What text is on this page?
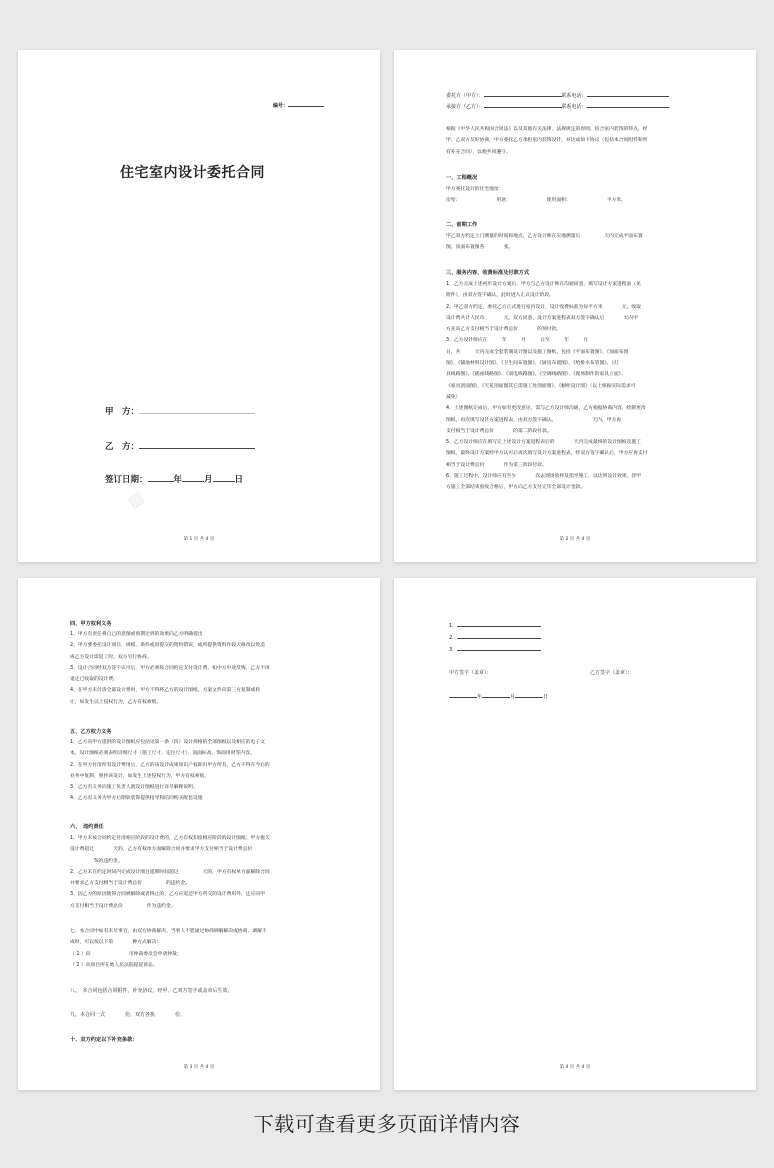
编号：
住宅室内设计委托合同
甲　方：
乙　方：
签订日期：	年	月	日
▨
第 1 页 共 4 页
委托方（甲方）：	联系电话：
承接方（乙方）：	联系电话：
根据《中华人民共和国合同法》以及其他有关法律、法规规定的原则，结合室内装饰的特点，经
甲、乙双方友好协商，甲方委托乙方承担室内装饰设计，并达成如下协议（包括本合同附件和所
有补充合同），以便共同遵守。
一、工程概况
甲方委托设计的住宅地址：
房型：　　　　　　　　用途：　　　　　　　　使用面积：　　　　　　　　平方米。
二、前期工作
甲乙双方约定上门测量的时间和地点，乙方设计师在实地测量后　　　　　天内完成平面布置
图，顶面布置图各　　　　张。
三、服务内容、收费标准及付款方式
1、乙方完成上述初步设计方案后，甲方与乙方设计师在沟通同意，填写设计方案进程表（见
附件），由双方签字确认，此时进入正式设计阶段。
2、甲乙双方约定，委托乙方正式进行室内设计，设计收费标准为每平方米　　　　元，收取
设计费共计人民币　　　　元。双方同意，设计方案进程表双方签字确认后　　　　天内甲
方先向乙方支付相当于设计费总价　　　　的预付款。
3、乙方设计师应在　　　年　　　月　　　日至　　　年　　　月　　　
日，共　　　天内完成全套装璜设计图以及施工图纸，包括《平面布置图》、《顶面布置
图》、《铺地材料设计图》、《卫生间布置图》、《厨房布置图》、《给排水布管图》、《灯
具线路图》、《插座线路图》、《弱电线路图》、《空调线路图》、《现场制作的家具立面》、
《家具剖面图》、《天花剖面图其它需施工处剖面图》、《橱柜设计图》（以上根据实际需求可
减免）
4、上述图纸完成后，甲方如有更改意见，需与乙方设计师沟通，乙方根据协商内容，绘制更改
图纸，再次填写设计方案进程表，由双方签字确认。　　　　　　　　天内，甲方再
支付相当于设计费总价　　　　的第二阶段付款。
5、乙方设计师应在填写完上述设计方案进程表后的　　　　天内完成最终的设计图纸及施工
图纸，最终设计方案经甲方认可后再次填写设计方案进程表，经双方签字确认后，甲方应再支付
相当于设计费总价　　　　作为第三阶段付款。
6、施工过程中，设计师应有至少　　　　次去现场放样及指导施工，以达到设计效果。待甲
方施工全部结束验收合格后，甲方向乙方支付完毕全部设计金款。
第 2 页 共 4 页
四、甲方权利义务
1、甲方有责任将自己的意图或预期达到的效果向乙方明确提出
2、甲方要委托设计项目、规模、条件或因提交的资料错误，或所提供资料作较大修改以致造
成乙方设计需返工时，双方另行协商。
3、设计合同经双方签字认可后，甲方必须按合同约定支付设计费，如中方中途反悔，乙方不再
退还已收取的设计费。
4、在甲方未付清全部设计费时，甲方不得将乙方的设计图纸，方案文件向第三方复制或转
让，如发生以上侵权行为，乙方有权索赔。
五、乙方权力义务
1、乙方向甲方提供的设计图纸应包括见第一条（四）设计规格的全部图纸以及相应的电子文
本，设计图纸必须表明详细尺寸（施工尺寸、定位尺寸）、顶面标高、饰面用材等内容。
2、在甲方付清所有设计费用后，乙方的该设计成果知识产权即归甲方所有，乙方不得在今后的
业务中复制、照抄该设计，如发生上述侵权行为，甲方有权索赔。
3、乙方有义务向施工负责人就设计图纸进行详尽解释说明。
4、乙方有义务为甲方后期软装饰提供指导和陪同购买配套设施
六、　违约责任
1、甲方未按合同约定付清相应阶段的设计费的，乙方有权扣留相应阶段的设计图纸；甲方拖欠
设计费超过　　　　天的，乙方有权单方面解除合同并要求甲方支付相当于设计费总价
　　　　　%的违约金。
2、乙方未在约定时间内完成设计图且延期时间超过　　　　　天的，甲方有权单方面解除合同
并要求乙方支付相当于设计费总价　　　　　的违约金。
3、因乙方的原因使得合同被解除或者终止的，乙方应返还甲方所交的设计费用外，还应向甲
方支付相当于设计费总价　　　　　作为违约金。
七、本合同中如有未尽事宜，由双方协商解决。当事人不愿通过协商调解解决或协商、调解不
成时，可以按以下第　　　　种方式解决：
（ 1 ）向　　　　　　　　市仲裁委员会申请仲裁；
（ 2 ）向项目所在地人民法院提起诉讼。
八、　本合同包括合同附件，补充协议，经甲、乙双方签字或盖章后生效。
九、本合同一式　　　　份，双方各执　　　　份。
十、双方约定以下补充条款：
第 3 页 共 4 页
1．
2．
3．
甲方签字（盖章）：	乙方签字（盖章）：
年	月	日
第 4 页 共 4 页
下载可查看更多页面详情内容
